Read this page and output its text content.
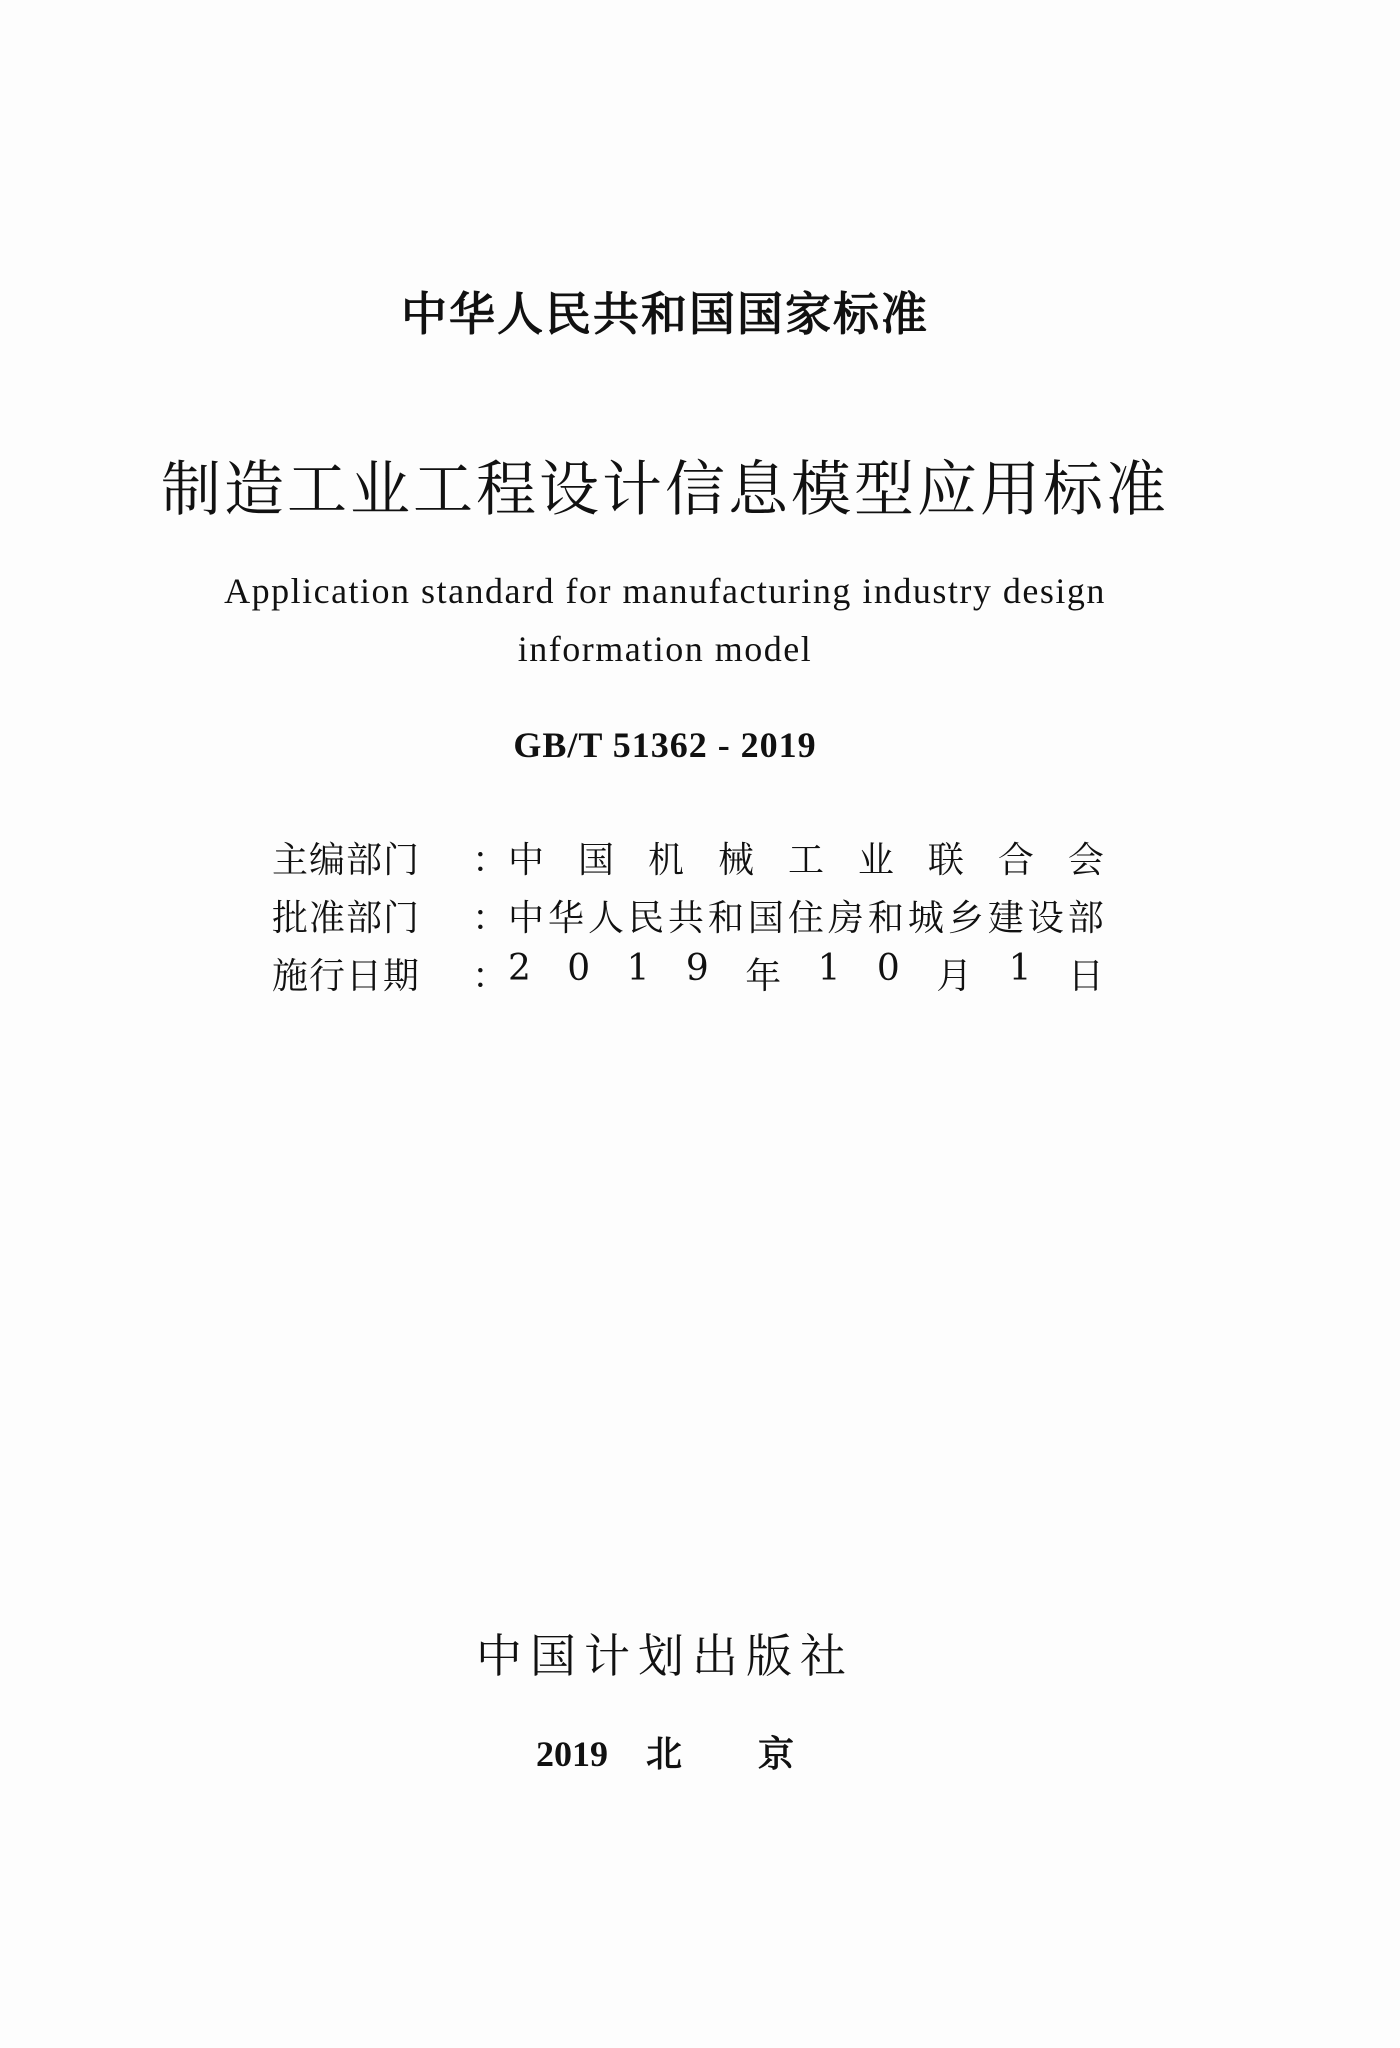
中华人民共和国国家标准
制造工业工程设计信息模型应用标准
Application standard for manufacturing industry design
information model
GB/T 51362 - 2019
主编部门	： 中 国 机 械 工 业 联 合 会
批准部门	： 中 华 人 民 共 和 国 住 房 和 城 乡 建 设 部
施行日期	： 2 0 1 9 年 1 0 月 1 日
中国计划出版社
2019 北 京
